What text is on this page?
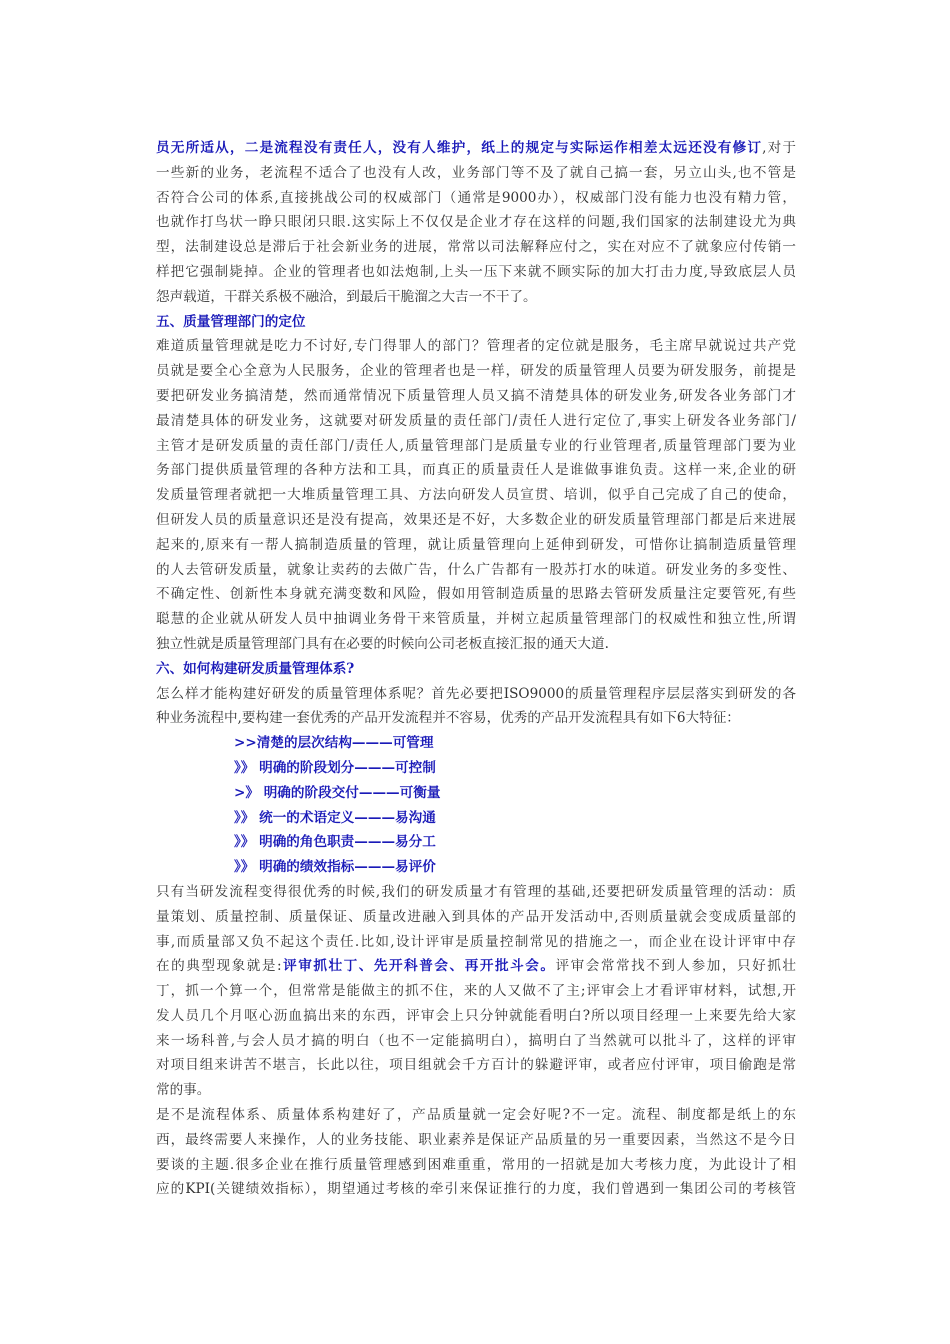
员无所适从，二是流程没有责任人，没有人维护，纸上的规定与实际运作相差太远还没有修订,对于
一些新的业务，老流程不适合了也没有人改，业务部门等不及了就自己搞一套，另立山头,也不管是
否符合公司的体系,直接挑战公司的权威部门（通常是9000办），权威部门没有能力也没有精力管，
也就作打鸟状一睁只眼闭只眼.这实际上不仅仅是企业才存在这样的问题,我们国家的法制建设尤为典
型，法制建设总是滞后于社会新业务的进展，常常以司法解释应付之，实在对应不了就象应付传销一
样把它强制毙掉。企业的管理者也如法炮制,上头一压下来就不顾实际的加大打击力度,导致底层人员
怨声载道，干群关系极不融洽，到最后干脆溜之大吉一不干了。
五、质量管理部门的定位
难道质量管理就是吃力不讨好,专门得罪人的部门？管理者的定位就是服务，毛主席早就说过共产党
员就是要全心全意为人民服务，企业的管理者也是一样，研发的质量管理人员要为研发服务，前提是
要把研发业务搞清楚，然而通常情况下质量管理人员又搞不清楚具体的研发业务,研发各业务部门才
最清楚具体的研发业务，这就要对研发质量的责任部门/责任人进行定位了,事实上研发各业务部门/
主管才是研发质量的责任部门/责任人,质量管理部门是质量专业的行业管理者,质量管理部门要为业
务部门提供质量管理的各种方法和工具，而真正的质量责任人是谁做事谁负责。这样一来,企业的研
发质量管理者就把一大堆质量管理工具、方法向研发人员宣贯、培训，似乎自己完成了自己的使命，
但研发人员的质量意识还是没有提高，效果还是不好，大多数企业的研发质量管理部门都是后来进展
起来的,原来有一帮人搞制造质量的管理，就让质量管理向上延伸到研发，可惜你让搞制造质量管理
的人去管研发质量，就象让卖药的去做广告，什么广告都有一股苏打水的味道。研发业务的多变性、
不确定性、创新性本身就充满变数和风险，假如用管制造质量的思路去管研发质量注定要管死,有些
聪慧的企业就从研发人员中抽调业务骨干来管质量，并树立起质量管理部门的权威性和独立性,所谓
独立性就是质量管理部门具有在必要的时候向公司老板直接汇报的通天大道.
六、如何构建研发质量管理体系?
怎么样才能构建好研发的质量管理体系呢？首先必要把ISO9000的质量管理程序层层落实到研发的各
种业务流程中,要构建一套优秀的产品开发流程并不容易，优秀的产品开发流程具有如下6大特征：
>>清楚的层次结构———可管理
》》 明确的阶段划分———可控制
>》 明确的阶段交付———可衡量
》》 统一的术语定义———易沟通
》》 明确的角色职责———易分工
》》 明确的绩效指标———易评价
只有当研发流程变得很优秀的时候,我们的研发质量才有管理的基础,还要把研发质量管理的活动：质
量策划、质量控制、质量保证、质量改进融入到具体的产品开发活动中,否则质量就会变成质量部的
事,而质量部又负不起这个责任.比如,设计评审是质量控制常见的措施之一，而企业在设计评审中存
在的典型现象就是:评审抓壮丁、先开科普会、再开批斗会。评审会常常找不到人参加，只好抓壮
丁，抓一个算一个，但常常是能做主的抓不住，来的人又做不了主;评审会上才看评审材料，试想,开
发人员几个月呕心沥血搞出来的东西，评审会上只分钟就能看明白?所以项目经理一上来要先给大家
来一场科普,与会人员才搞的明白（也不一定能搞明白），搞明白了当然就可以批斗了，这样的评审
对项目组来讲苦不堪言，长此以往，项目组就会千方百计的躲避评审，或者应付评审，项目偷跑是常
常的事。
是不是流程体系、质量体系构建好了，产品质量就一定会好呢?不一定。流程、制度都是纸上的东
西，最终需要人来操作，人的业务技能、职业素养是保证产品质量的另一重要因素，当然这不是今日
要谈的主题.很多企业在推行质量管理感到困难重重，常用的一招就是加大考核力度，为此设计了相
应的KPI(关键绩效指标），期望通过考核的牵引来保证推行的力度，我们曾遇到一集团公司的考核管
